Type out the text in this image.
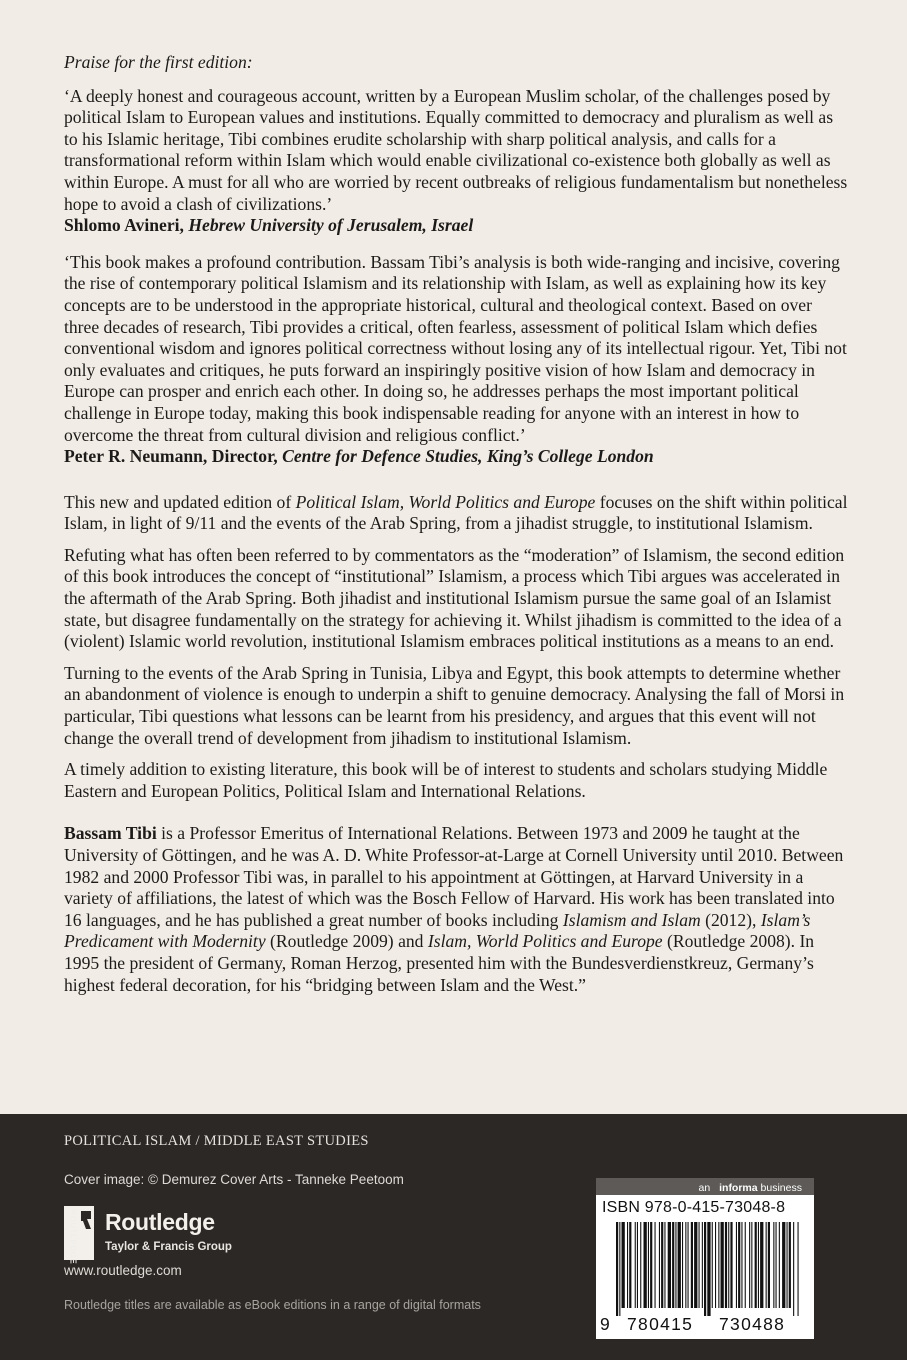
Praise for the first edition:

‘A deeply honest and courageous account, written by a European Muslim scholar, of the challenges posed by political Islam to European values and institutions. Equally committed to democracy and pluralism as well as to his Islamic heritage, Tibi combines erudite scholarship with sharp political analysis, and calls for a transformational reform within Islam which would enable civilizational co-existence both globally as well as within Europe. A must for all who are worried by recent outbreaks of religious fundamentalism but nonetheless hope to avoid a clash of civilizations.’

Shlomo Avineri, Hebrew University of Jerusalem, Israel

‘This book makes a profound contribution. Bassam Tibi’s analysis is both wide-ranging and incisive, covering the rise of contemporary political Islamism and its relationship with Islam, as well as explaining how its key concepts are to be understood in the appropriate historical, cultural and theological context. Based on over three decades of research, Tibi provides a critical, often fearless, assessment of political Islam which defies conventional wisdom and ignores political correctness without losing any of its intellectual rigour. Yet, Tibi not only evaluates and critiques, he puts forward an inspiringly positive vision of how Islam and democracy in Europe can prosper and enrich each other. In doing so, he addresses perhaps the most important political challenge in Europe today, making this book indispensable reading for anyone with an interest in how to overcome the threat from cultural division and religious conflict.’

Peter R. Neumann, Director, Centre for Defence Studies, King’s College London

This new and updated edition of Political Islam, World Politics and Europe focuses on the shift within political Islam, in light of 9/11 and the events of the Arab Spring, from a jihadist struggle, to institutional Islamism.

Refuting what has often been referred to by commentators as the “moderation” of Islamism, the second edition of this book introduces the concept of “institutional” Islamism, a process which Tibi argues was accelerated in the aftermath of the Arab Spring. Both jihadist and institutional Islamism pursue the same goal of an Islamist state, but disagree fundamentally on the strategy for achieving it. Whilst jihadism is committed to the idea of a (violent) Islamic world revolution, institutional Islamism embraces political institutions as a means to an end.

Turning to the events of the Arab Spring in Tunisia, Libya and Egypt, this book attempts to determine whether an abandonment of violence is enough to underpin a shift to genuine democracy. Analysing the fall of Morsi in particular, Tibi questions what lessons can be learnt from his presidency, and argues that this event will not change the overall trend of development from jihadism to institutional Islamism.

A timely addition to existing literature, this book will be of interest to students and scholars studying Middle Eastern and European Politics, Political Islam and International Relations.

Bassam Tibi is a Professor Emeritus of International Relations. Between 1973 and 2009 he taught at the University of Göttingen, and he was A. D. White Professor-at-Large at Cornell University until 2010. Between 1982 and 2000 Professor Tibi was, in parallel to his appointment at Göttingen, at Harvard University in a variety of affiliations, the latest of which was the Bosch Fellow of Harvard. His work has been translated into 16 languages, and he has published a great number of books including Islamism and Islam (2012), Islam’s Predicament with Modernity (Routledge 2009) and Islam, World Politics and Europe (Routledge 2008). In 1995 the president of Germany, Roman Herzog, presented him with the Bundesverdienstkreuz, Germany’s highest federal decoration, for his “bridging between Islam and the West.”

POLITICAL ISLAM / MIDDLE EAST STUDIES
Cover image: © Demurez Cover Arts - Tanneke Peetoom
ROUTLEDGE Routledge
Taylor & Francis Group
www.routledge.com
Routledge titles are available as eBook editions in a range of digital formats
an informa business
ISBN 978-0-415-73048-8
9 780415 730488
